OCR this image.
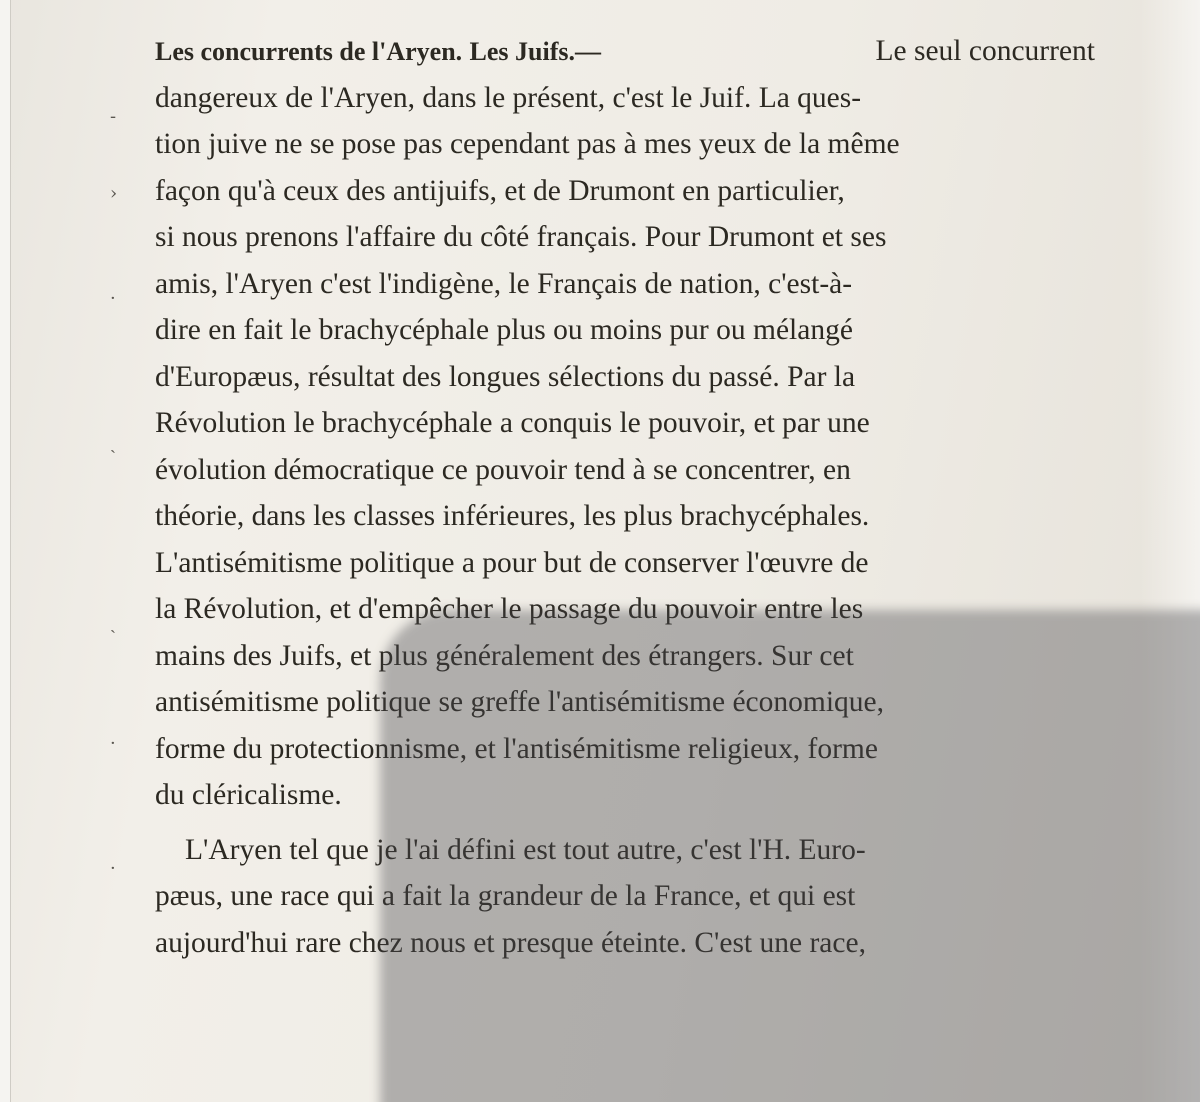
-
›
·
ˎ
ˎ
·
·
Les concurrents de l'Aryen. Les Juifs.—	Le seul concurrent
dangereux de l'Aryen, dans le présent, c'est le Juif. La ques-
tion juive ne se pose pas cependant pas à mes yeux de la même
façon qu'à ceux des antijuifs, et de Drumont en particulier,
si nous prenons l'affaire du côté français. Pour Drumont et ses
amis, l'Aryen c'est l'indigène, le Français de nation, c'est-à-
dire en fait le brachycéphale plus ou moins pur ou mélangé
d'Europæus, résultat des longues sélections du passé. Par la
Révolution le brachycéphale a conquis le pouvoir, et par une
évolution démocratique ce pouvoir tend à se concentrer, en
théorie, dans les classes inférieures, les plus brachycéphales.
L'antisémitisme politique a pour but de conserver l'œuvre de
la Révolution, et d'empêcher le passage du pouvoir entre les
mains des Juifs, et plus généralement des étrangers. Sur cet
antisémitisme politique se greffe l'antisémitisme économique,
forme du protectionnisme, et l'antisémitisme religieux, forme
du cléricalisme.
L'Aryen tel que je l'ai défini est tout autre, c'est l'H. Euro-
pæus, une race qui a fait la grandeur de la France, et qui est
aujourd'hui rare chez nous et presque éteinte. C'est une race,
